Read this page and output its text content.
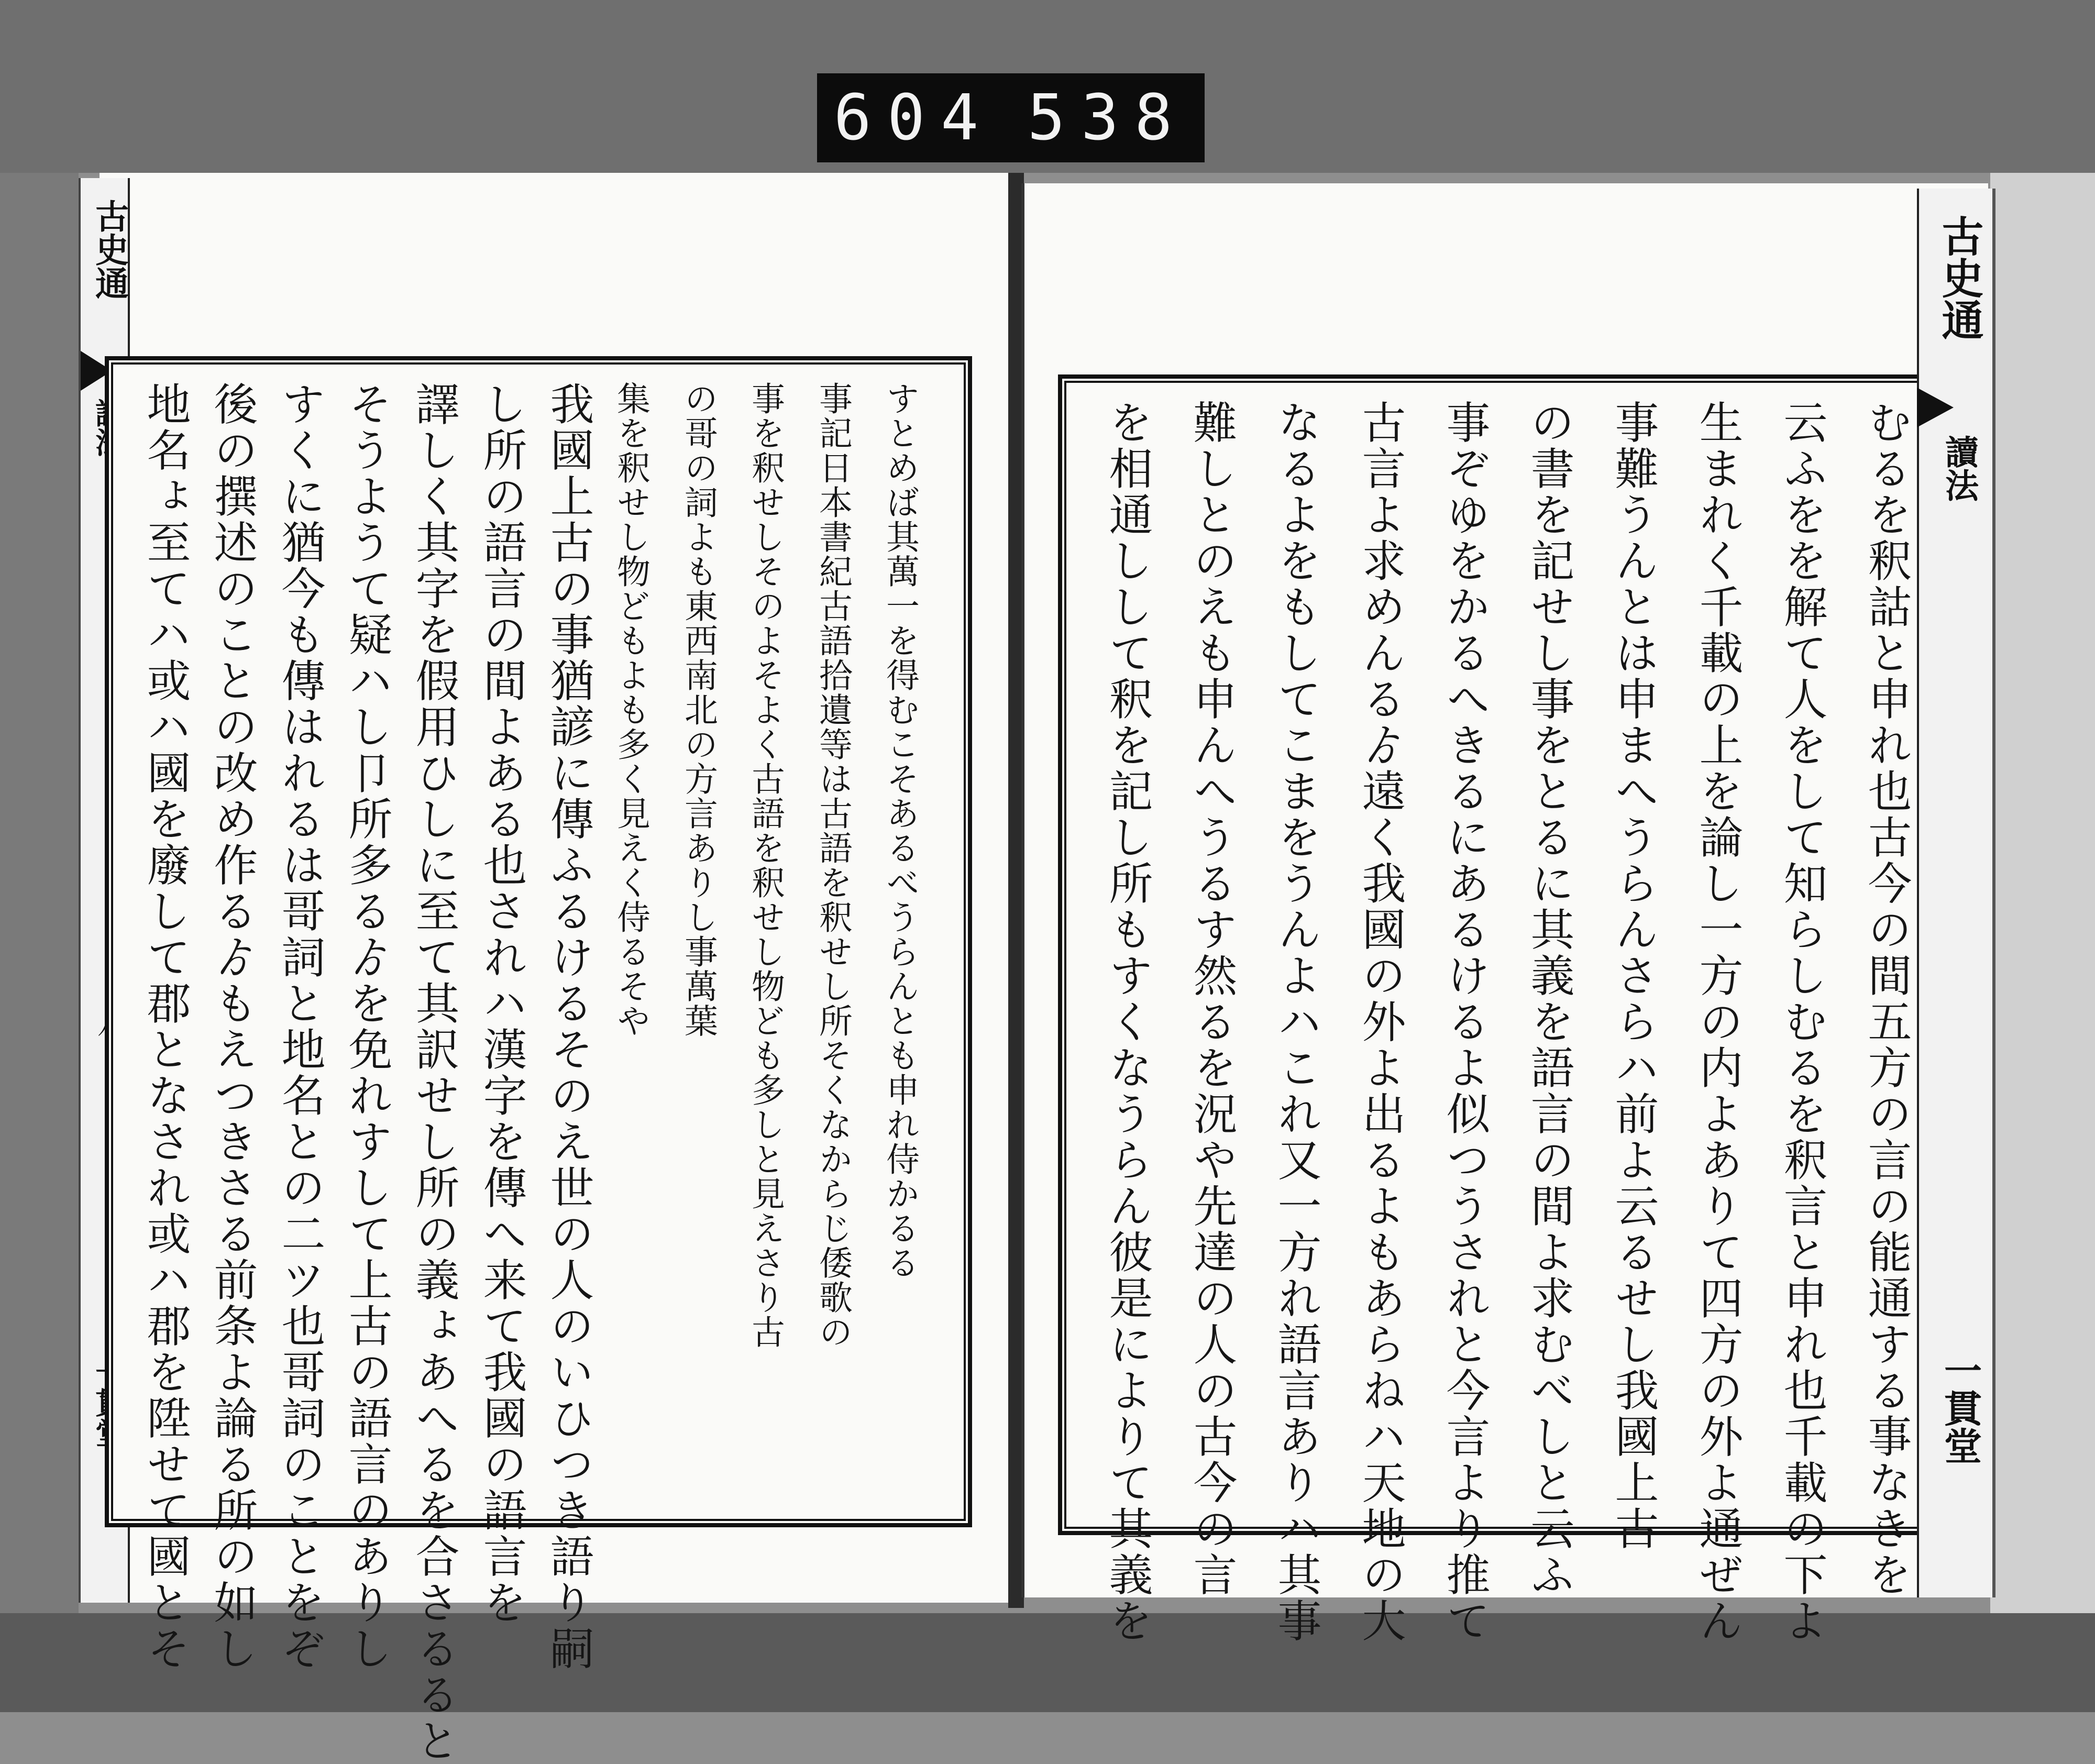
604 538
古史通
すとめば其萬一を得むこそあるべうらんとも申れ侍かるる
事記日本書紀古語拾遺等は古語を釈せし所そくなからじ倭歌の
事を釈せしそのよそよく古語を釈せし物ども多しと見えさり古
の哥の詞よも東西南北の方言ありし事萬葉
集を釈せし物どもよも多く見えく侍るそや
我國上古の事猶諺に傳ふるけるそのえ世の人のいひつき語り嗣
し所の語言の間よある也されハ漢字を傳へ来て我國の語言を
譯しく其字を假用ひしに至て其訳せし所の義ょあへるを合さるると
そうようて疑ハし卩所多るゟを免れすして上古の語言のありし
すくに猶今も傳はれるは哥詞と地名との二ツ也哥詞のことをぞ
後の撰述のことの改め作るゟもえつきさる前条よ論る所の如し
地名ょ至てハ或ハ國を廢して郡となされ或ハ郡を陞せて國とそ	むるを釈詁と申れ也古今の間五方の言の能通する事なきを
云ふをを解て人をして知らしむるを釈言と申れ也千載の下よ
生まれく千載の上を論し一方の内よありて四方の外よ通ぜん
事難うんとは申まへうらんさらハ前よ云るせし我國上古
の書を記せし事をとるに其義を語言の間よ求むべしと云ふ
事ぞゆをかるへきるにあるけるよ似つうされと今言より推て
古言よ求めんるゟ遠く我國の外よ出るよもあらねハ天地の大
なるよをもしてこまをうんよハこれ又一方れ語言ありハ其事
難しとのえも申んへうるす然るを況や先達の人の古今の言
を相通しして釈を記し所もすくなうらん彼是によりて其義を
古史通
讀法
一貫堂
